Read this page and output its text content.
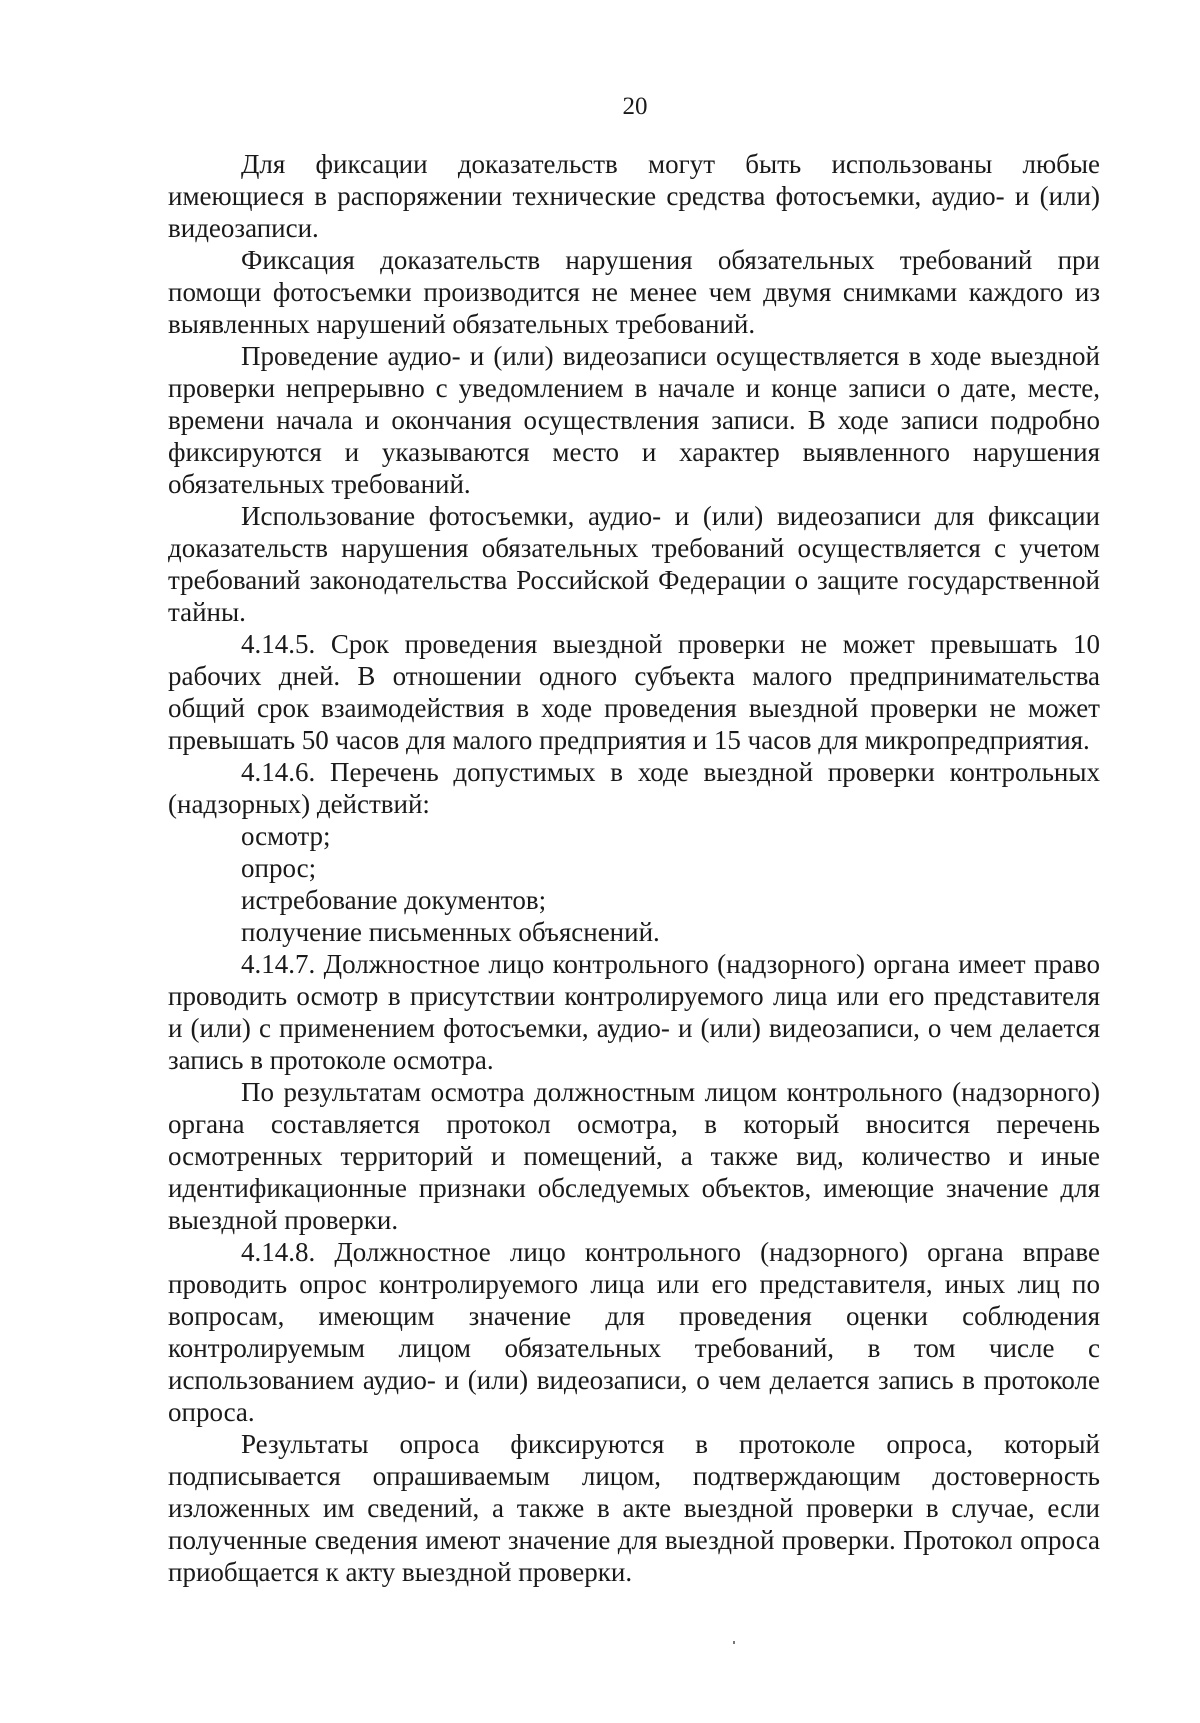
20

Для фиксации доказательств могут быть использованы любые имеющиеся в распоряжении технические средства фотосъемки, аудио- и (или) видеозаписи.

Фиксация доказательств нарушения обязательных требований при помощи фотосъемки производится не менее чем двумя снимками каждого из выявленных нарушений обязательных требований.

Проведение аудио- и (или) видеозаписи осуществляется в ходе выездной проверки непрерывно с уведомлением в начале и конце записи о дате, месте, времени начала и окончания осуществления записи. В ходе записи подробно фиксируются и указываются место и характер выявленного нарушения обязательных требований.

Использование фотосъемки, аудио- и (или) видеозаписи для фиксации доказательств нарушения обязательных требований осуществляется с учетом требований законодательства Российской Федерации о защите государственной тайны.

4.14.5. Срок проведения выездной проверки не может превышать 10 рабочих дней. В отношении одного субъекта малого предпринимательства общий срок взаимодействия в ходе проведения выездной проверки не может превышать 50 часов для малого предприятия и 15 часов для микропредприятия.

4.14.6. Перечень допустимых в ходе выездной проверки контрольных (надзорных) действий:

осмотр;

опрос;

истребование документов;

получение письменных объяснений.

4.14.7. Должностное лицо контрольного (надзорного) органа имеет право проводить осмотр в присутствии контролируемого лица или его представителя и (или) с применением фотосъемки, аудио- и (или) видеозаписи, о чем делается запись в протоколе осмотра.

По результатам осмотра должностным лицом контрольного (надзорного) органа составляется протокол осмотра, в который вносится перечень осмотренных территорий и помещений, а также вид, количество и иные идентификационные признаки обследуемых объектов, имеющие значение для выездной проверки.

4.14.8. Должностное лицо контрольного (надзорного) органа вправе проводить опрос контролируемого лица или его представителя, иных лиц по вопросам, имеющим значение для проведения оценки соблюдения контролируемым лицом обязательных требований, в том числе с использованием аудио- и (или) видеозаписи, о чем делается запись в протоколе опроса.

Результаты опроса фиксируются в протоколе опроса, который подписывается опрашиваемым лицом, подтверждающим достоверность изложенных им сведений, а также в акте выездной проверки в случае, если полученные сведения имеют значение для выездной проверки. Протокол опроса приобщается к акту выездной проверки.
